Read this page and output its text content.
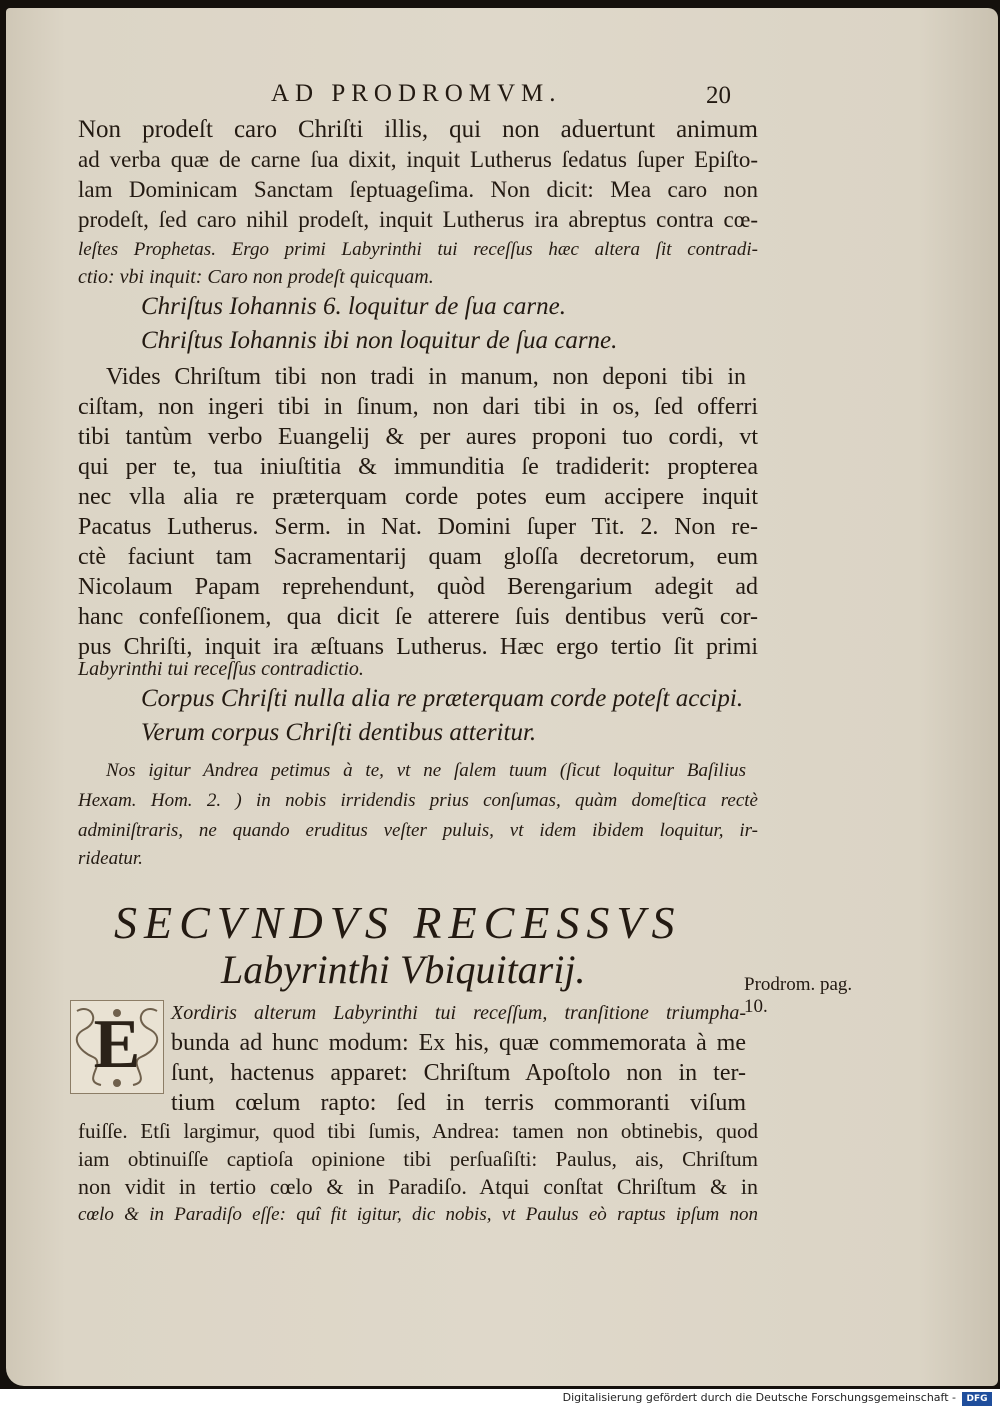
AD PRODROMVM.	20
Non prodeſt caro Chriſti illis, qui non aduertunt animum
ad verba quæ de carne ſua dixit, inquit Lutherus ſedatus ſuper Epiſto-
lam Dominicam Sanctam ſeptuageſima. Non dicit: Mea caro non
prodeſt, ſed caro nihil prodeſt, inquit Lutherus ira abreptus contra cœ-
leſtes Prophetas. Ergo primi Labyrinthi tui receſſus hæc altera ſit contradi-
ctio: vbi inquit: Caro non prodeſt quicquam.
Chriſtus Iohannis 6. loquitur de ſua carne.
Chriſtus Iohannis ibi non loquitur de ſua carne.
Vides Chriſtum tibi non tradi in manum, non deponi tibi in
ciſtam, non ingeri tibi in ſinum, non dari tibi in os, ſed offerri
tibi tantùm verbo Euangelij & per aures proponi tuo cordi, vt
qui per te, tua iniuſtitia & immunditia ſe tradiderit: propterea
nec vlla alia re præterquam corde potes eum accipere inquit
Pacatus Lutherus. Serm. in Nat. Domini ſuper Tit. 2. Non re-
ctè faciunt tam Sacramentarij quam gloſſa decretorum, eum
Nicolaum Papam reprehendunt, quòd Berengarium adegit ad
hanc confeſſionem, qua dicit ſe atterere ſuis dentibus verũ cor-
pus Chriſti, inquit ira æſtuans Lutherus. Hæc ergo tertio ſit primi
Labyrinthi tui receſſus contradictio.
Corpus Chriſti nulla alia re præterquam corde poteſt accipi.
Verum corpus Chriſti dentibus atteritur.
Nos igitur Andrea petimus à te, vt ne ſalem tuum (ſicut loquitur Baſilius
Hexam. Hom. 2. ) in nobis irridendis prius conſumas, quàm domeſtica rectè
adminiſtraris, ne quando eruditus veſter puluis, vt idem ibidem loquitur, ir-
rideatur.
SECVNDVS RECESSVS
Labyrinthi Vbiquitarij.	Prodrom. pag. 10.
E	Xordiris alterum Labyrinthi tui receſſum, tranſitione triumpha-
bunda ad hunc modum: Ex his, quæ commemorata à me
ſunt, hactenus apparet: Chriſtum Apoſtolo non in ter-
tium cœlum rapto: ſed in terris commoranti viſum
fuiſſe. Etſi largimur, quod tibi ſumis, Andrea: tamen non obtinebis, quod
iam obtinuiſſe captioſa opinione tibi perſuaſiſti: Paulus, ais, Chriſtum
non vidit in tertio cœlo & in Paradiſo. Atqui conſtat Chriſtum & in
cœlo & in Paradiſo eſſe: quî fit igitur, dic nobis, vt Paulus eò raptus ipſum non
Digitalisierung gefördert durch die Deutsche Forschungsgemeinschaft -	DFG
